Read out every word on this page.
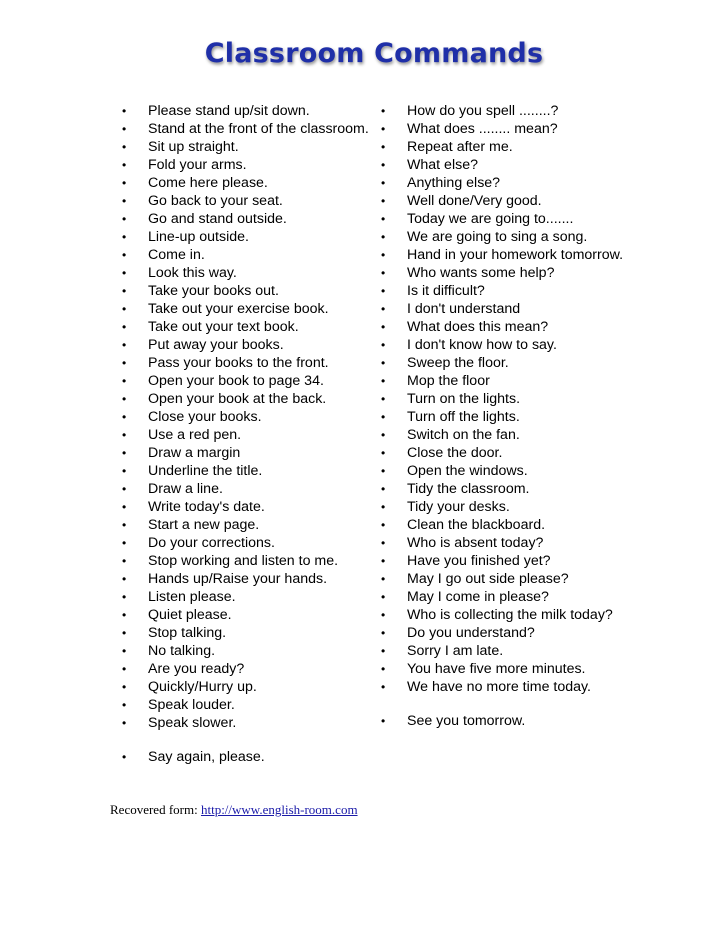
Classroom Commands
• Please stand up/sit down.
• Stand at the front of the classroom.
• Sit up straight.
• Fold your arms.
• Come here please.
• Go back to your seat.
• Go and stand outside.
• Line-up outside.
• Come in.
• Look this way.
• Take your books out.
• Take out your exercise book.
• Take out your text book.
• Put away your books.
• Pass your books to the front.
• Open your book to page 34.
• Open your book at the back.
• Close your books.
• Use a red pen.
• Draw a margin
• Underline the title.
• Draw a line.
• Write today's date.
• Start a new page.
• Do your corrections.
• Stop working and listen to me.
• Hands up/Raise your hands.
• Listen please.
• Quiet please.
• Stop talking.
• No talking.
• Are you ready?
• Quickly/Hurry up.
• Speak louder.
• Speak slower.
• Say again, please.
• How do you spell ........?
• What does ........ mean?
• Repeat after me.
• What else?
• Anything else?
• Well done/Very good.
• Today we are going to.......
• We are going to sing a song.
• Hand in your homework tomorrow.
• Who wants some help?
• Is it difficult?
• I don't understand
• What does this mean?
• I don't know how to say.
• Sweep the floor.
• Mop the floor
• Turn on the lights.
• Turn off the lights.
• Switch on the fan.
• Close the door.
• Open the windows.
• Tidy the classroom.
• Tidy your desks.
• Clean the blackboard.
• Who is absent today?
• Have you finished yet?
• May I go out side please?
• May I come in please?
• Who is collecting the milk today?
• Do you understand?
• Sorry I am late.
• You have five more minutes.
• We have no more time today.
• See you tomorrow.
Recovered form: http://www.english-room.com
